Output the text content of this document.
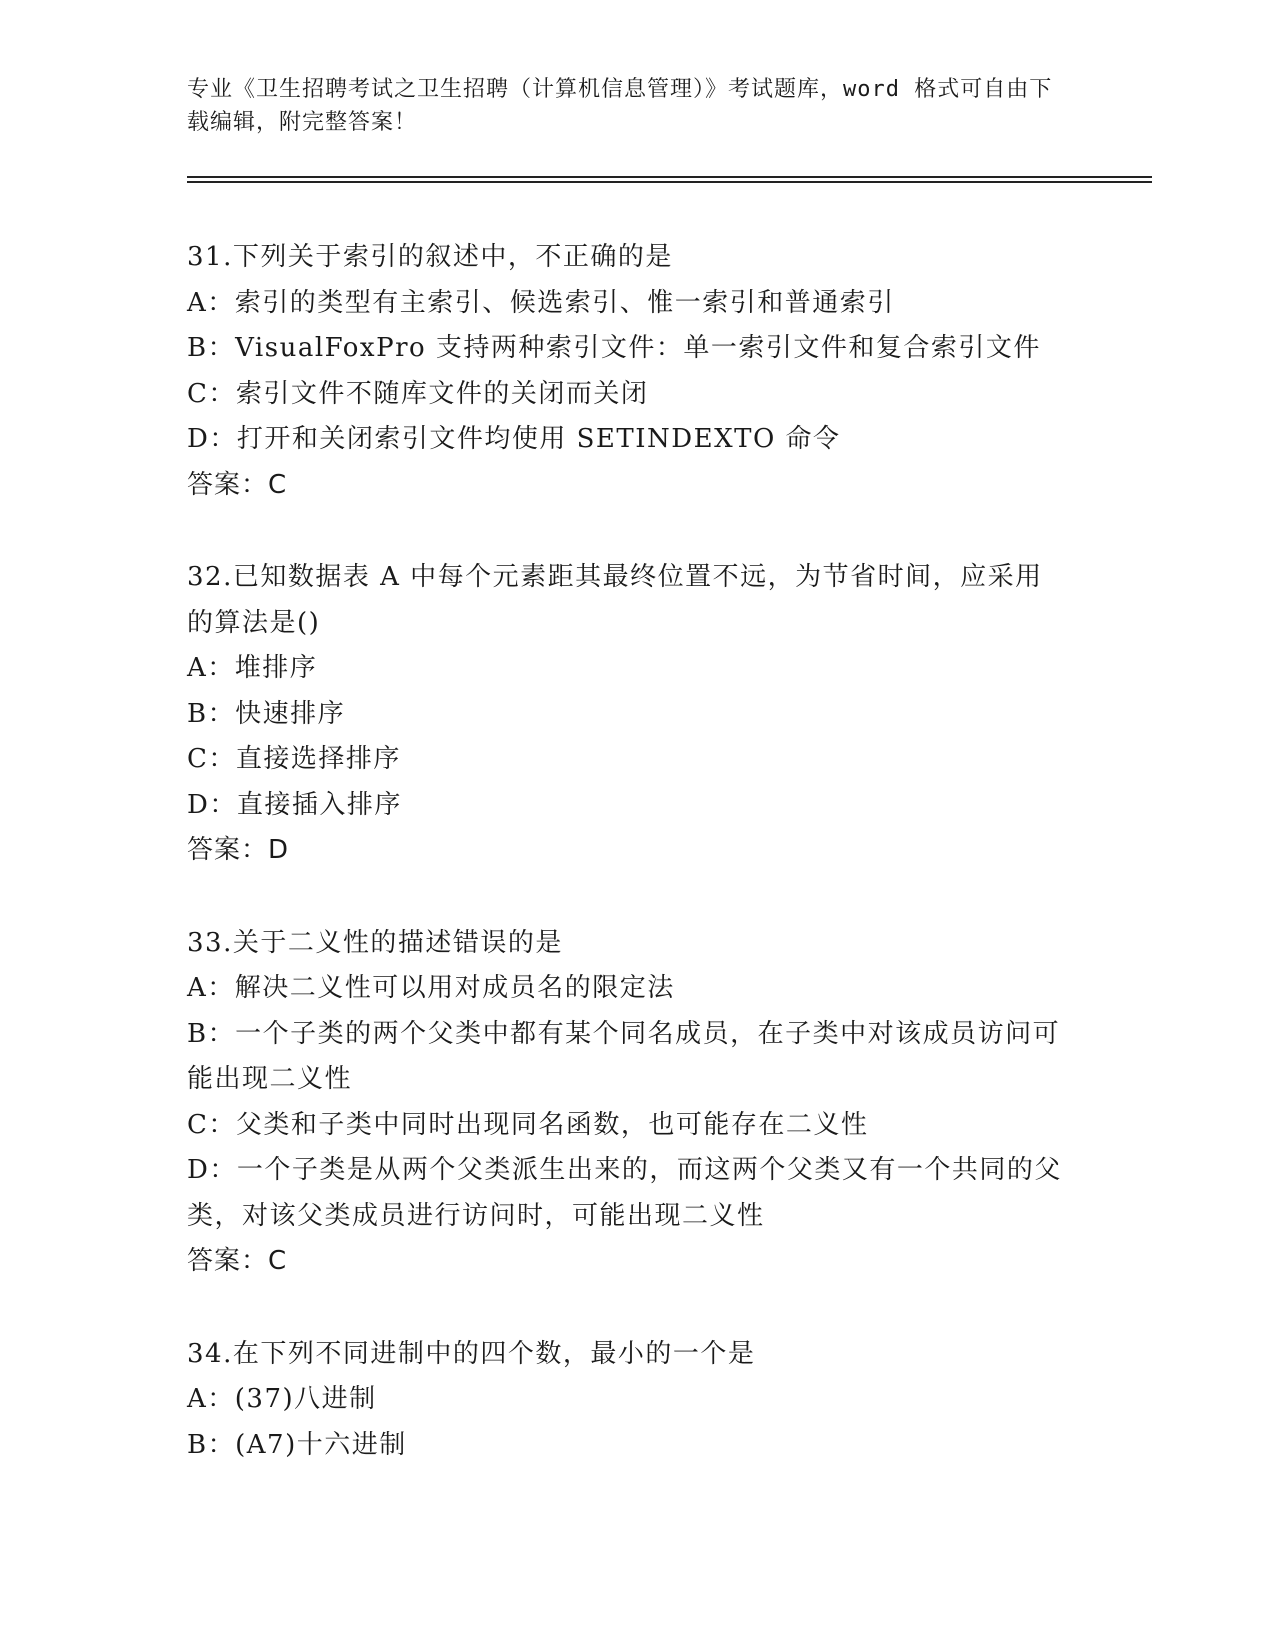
专业《卫生招聘考试之卫生招聘（计算机信息管理）》考试题库，word 格式可自由下载编辑，附完整答案！
31.下列关于索引的叙述中，不正确的是
A：索引的类型有主索引、候选索引、惟一索引和普通索引
B：VisualFoxPro 支持两种索引文件：单一索引文件和复合索引文件
C：索引文件不随库文件的关闭而关闭
D：打开和关闭索引文件均使用 SETINDEXTO 命令
答案：C
32.已知数据表 A 中每个元素距其最终位置不远，为节省时间，应采用的算法是()
A：堆排序
B：快速排序
C：直接选择排序
D：直接插入排序
答案：D
33.关于二义性的描述错误的是
A：解决二义性可以用对成员名的限定法
B：一个子类的两个父类中都有某个同名成员，在子类中对该成员访问可能出现二义性
C：父类和子类中同时出现同名函数，也可能存在二义性
D：一个子类是从两个父类派生出来的，而这两个父类又有一个共同的父类，对该父类成员进行访问时，可能出现二义性
答案：C
34.在下列不同进制中的四个数，最小的一个是
A：(37)八进制
B：(A7)十六进制
